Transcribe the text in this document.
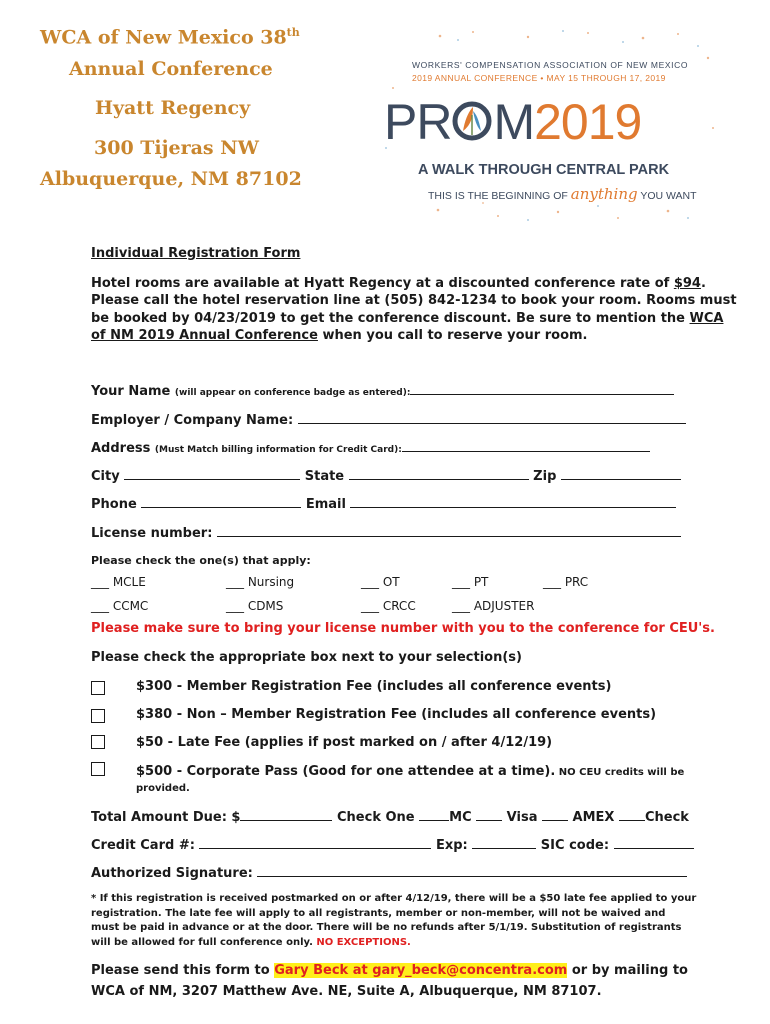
WCA of New Mexico 38th
Annual Conference
Hyatt Regency
300 Tijeras NW
Albuquerque, NM 87102
WORKERS' COMPENSATION ASSOCIATION OF NEW MEXICO
2019 ANNUAL CONFERENCE • MAY 15 THROUGH 17, 2019
PR M2019
A WALK THROUGH CENTRAL PARK
THIS IS THE BEGINNING OF anything YOU WANT
Individual Registration Form
Hotel rooms are available at Hyatt Regency at a discounted conference rate of $94.
Please call the hotel reservation line at (505) 842-1234 to book your room. Rooms must
be booked by 04/23/2019 to get the conference discount. Be sure to mention the WCA
of NM 2019 Annual Conference when you call to reserve your room.
Your Name (will appear on conference badge as entered):
Employer / Company Name:
Address (Must Match billing information for Credit Card):
City	State	Zip
Phone	Email
License number:
Please check the one(s) that apply:
___ MCLE	___ Nursing	___ OT	___ PT	___ PRC
___ CCMC	___ CDMS	___ CRCC	___ ADJUSTER
Please make sure to bring your license number with you to the conference for CEU's.
Please check the appropriate box next to your selection(s)
$300 - Member Registration Fee (includes all conference events)
$380 - Non – Member Registration Fee (includes all conference events)
$50 - Late Fee (applies if post marked on / after 4/12/19)
$500 - Corporate Pass (Good for one attendee at a time). NO CEU credits will be
provided.
Total Amount Due: $	Check One MC  Visa  AMEX Check
Credit Card #:	Exp:	SIC code:
Authorized Signature:
* If this registration is received postmarked on or after 4/12/19, there will be a $50 late fee applied to your
registration. The late fee will apply to all registrants, member or non-member, will not be waived and
must be paid in advance or at the door. There will be no refunds after 5/1/19. Substitution of registrants
will be allowed for full conference only. NO EXCEPTIONS.
Please send this form to Gary Beck at gary_beck@concentra.com or by mailing to
WCA of NM, 3207 Matthew Ave. NE, Suite A, Albuquerque, NM 87107.
